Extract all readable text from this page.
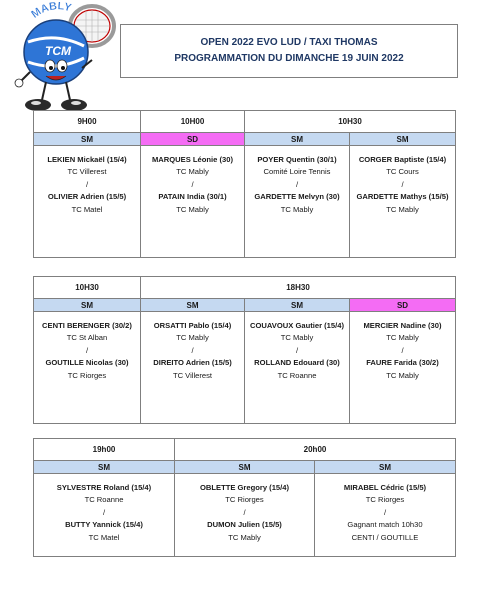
MABLY
TCM
OPEN 2022 EVO LUD / TAXI THOMAS
PROGRAMMATION DU DIMANCHE 19 JUIN 2022
9H00	10H00	10H30
SM	SD	SM	SM
LEKIEN Mickaël (15/4)
TC Villerest
/
OLIVIER Adrien (15/5)
TC Matel
MARQUES Léonie (30)
TC Mably
/
PATAIN India (30/1)
TC Mably
POYER Quentin (30/1)
Comité Loire Tennis
/
GARDETTE Melvyn (30)
TC Mably
CORGER Baptiste (15/4)
TC Cours
/
GARDETTE Mathys (15/5)
TC Mably
10H30	18H30
SM	SM	SM	SD
CENTI BERENGER (30/2)
TC St Alban
/
GOUTILLE Nicolas (30)
TC Riorges
ORSATTI Pablo (15/4)
TC Mably
/
DIREITO Adrien (15/5)
TC Villerest
COUAVOUX Gautier (15/4)
TC Mably
/
ROLLAND Edouard (30)
TC Roanne
MERCIER Nadine (30)
TC Mably
/
FAURE Farida (30/2)
TC Mably
19h00	20h00
SM	SM	SM
SYLVESTRE Roland (15/4)
TC Roanne
/
BUTTY Yannick (15/4)
TC Matel
OBLETTE Gregory (15/4)
TC Riorges
/
DUMON Julien (15/5)
TC Mably
MIRABEL Cédric (15/5)
TC Riorges
/
Gagnant match 10h30
CENTI / GOUTILLE
